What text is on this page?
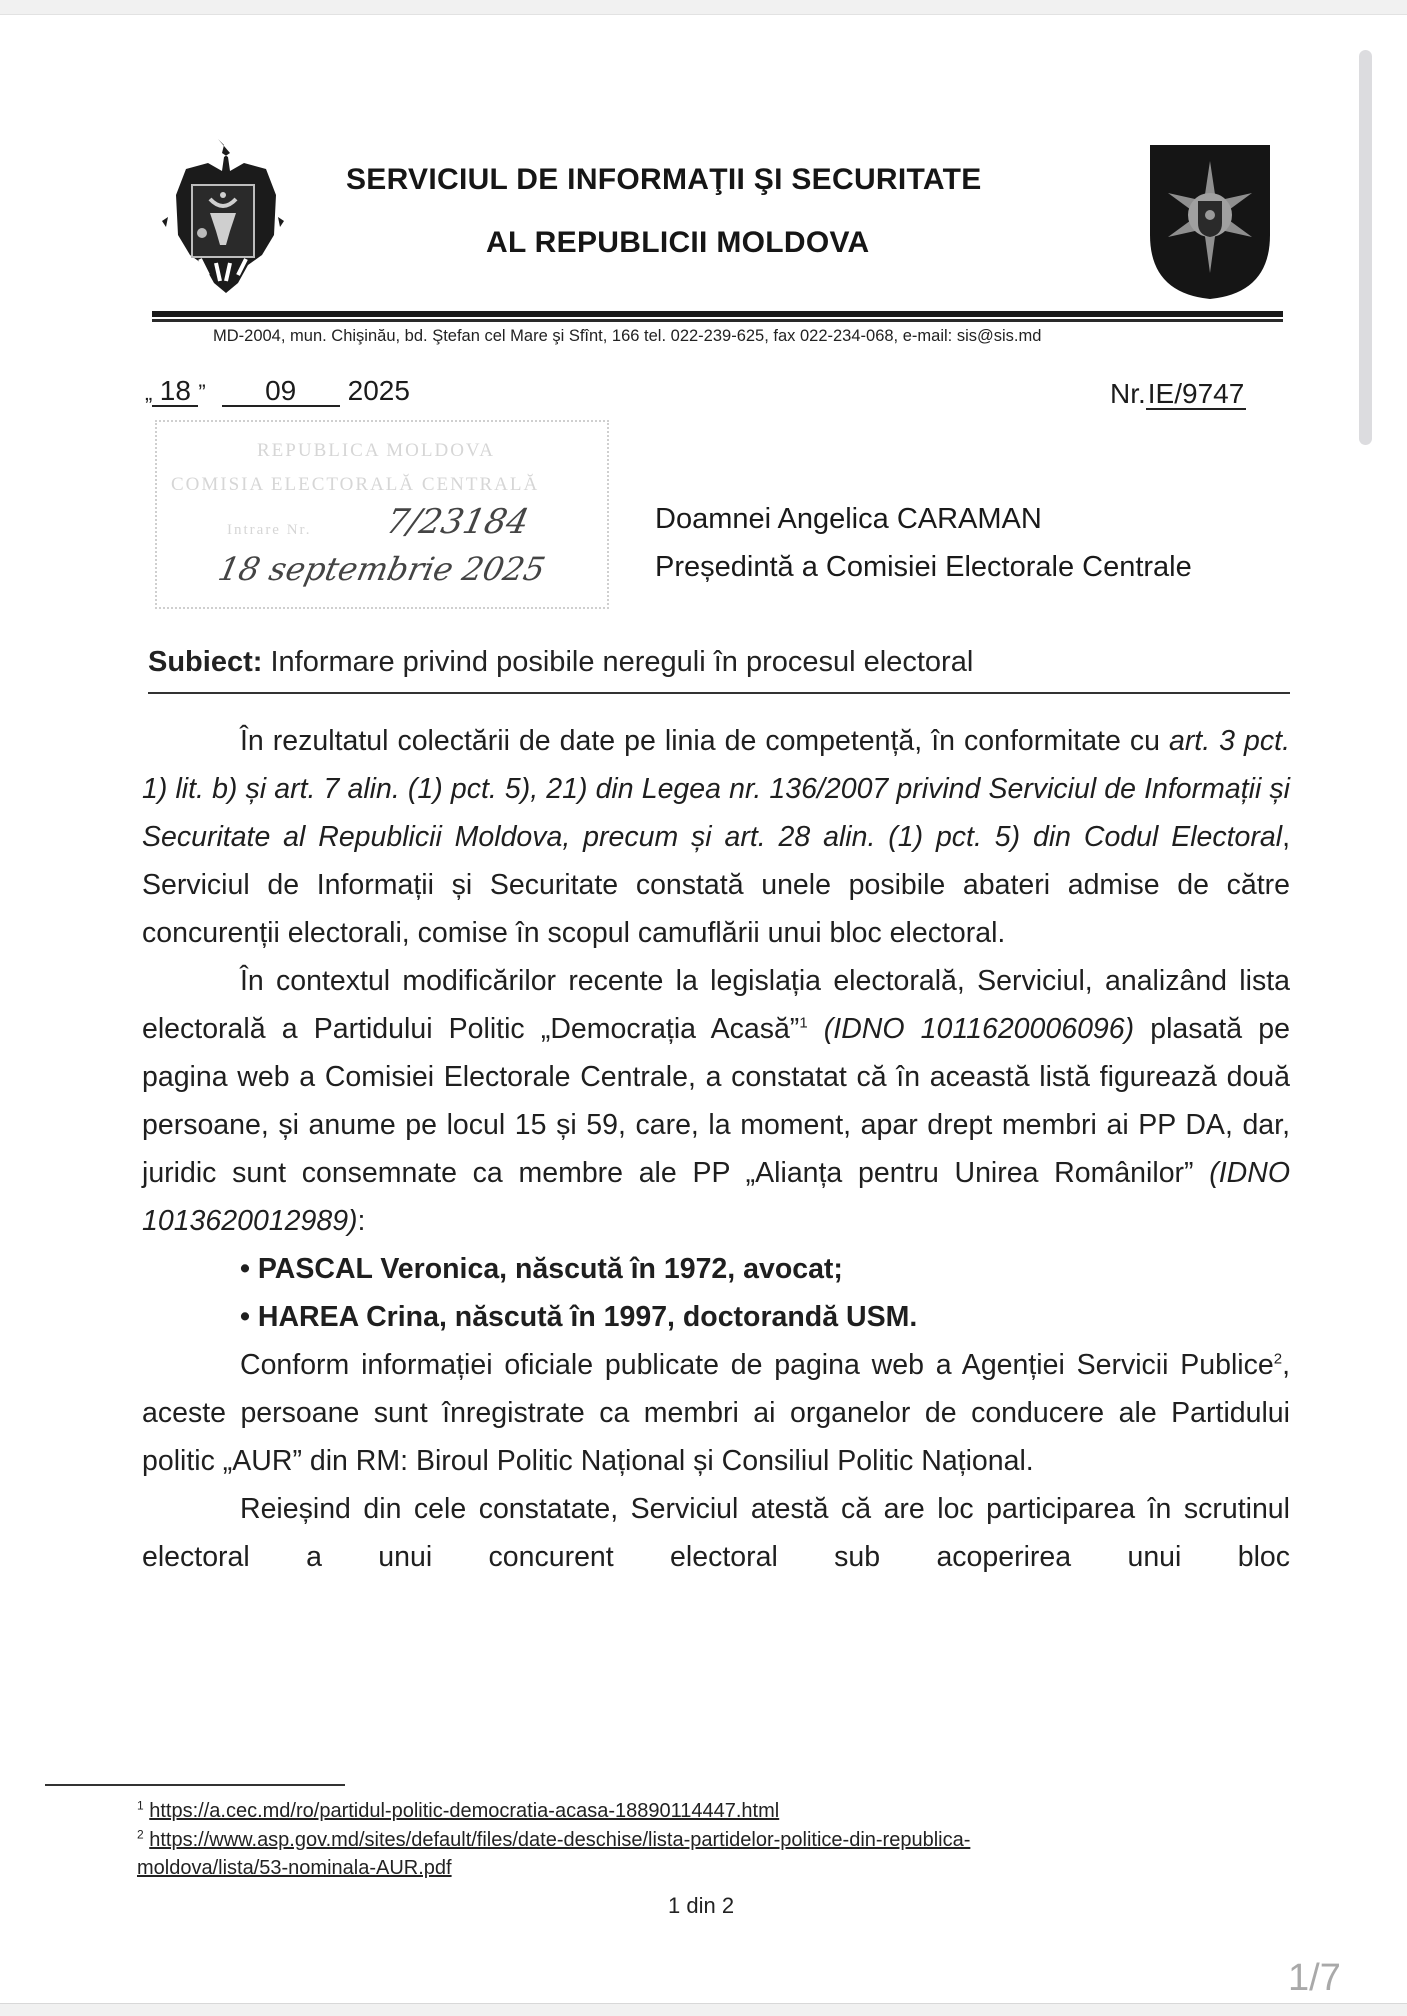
SERVICIUL DE INFORMAŢII ŞI SECURITATE
AL REPUBLICII MOLDOVA
MD-2004, mun. Chişinău, bd. Ştefan cel Mare şi Sfînt, 166 tel. 022-239-625, fax 022-234-068, e-mail: sis@sis.md
„ 18 ” 09 2025	Nr.IE/9747
REPUBLICA MOLDOVA
COMISIA ELECTORALĂ CENTRALĂ
Intrare Nr. 7/23184
18 septembrie 2025
Doamnei Angelica CARAMAN
Președintă a Comisiei Electorale Centrale
Subiect: Informare privind posibile nereguli în procesul electoral

În rezultatul colectării de date pe linia de competență, în conformitate cu art. 3 pct. 1) lit. b) și art. 7 alin. (1) pct. 5), 21) din Legea nr. 136/2007 privind Serviciul de Informații și Securitate al Republicii Moldova, precum și art. 28 alin. (1) pct. 5) din Codul Electoral, Serviciul de Informații și Securitate constată unele posibile abateri admise de către concurenții electorali, comise în scopul camuflării unui bloc electoral.

În contextul modificărilor recente la legislația electorală, Serviciul, analizând lista electorală a Partidului Politic „Democrația Acasă”$^1$ (IDNO 1011620006096) plasată pe pagina web a Comisiei Electorale Centrale, a constatat că în această listă figurează două persoane, și anume pe locul 15 și 59, care, la moment, apar drept membri ai PP DA, dar, juridic sunt consemnate ca membre ale PP „Alianța pentru Unirea Românilor” (IDNO 1013620012989):

• PASCAL Veronica, născută în 1972, avocat;

• HAREA Crina, născută în 1997, doctorandă USM.

Conform informației oficiale publicate de pagina web a Agenției Servicii Publice$^2$, aceste persoane sunt înregistrate ca membri ai organelor de conducere ale Partidului politic „AUR” din RM: Biroul Politic Național și Consiliul Politic Național.

Reieșind din cele constatate, Serviciul atestă că are loc participarea în scrutinul electoral a unui concurent electoral sub acoperirea unui bloc

$^1$ https://a.cec.md/ro/partidul-politic-democratia-acasa-18890114447.html
$^2$ https://www.asp.gov.md/sites/default/files/date-deschise/lista-partidelor-politice-din-republica-
moldova/lista/53-nominala-AUR.pdf
1 din 2
1/7
